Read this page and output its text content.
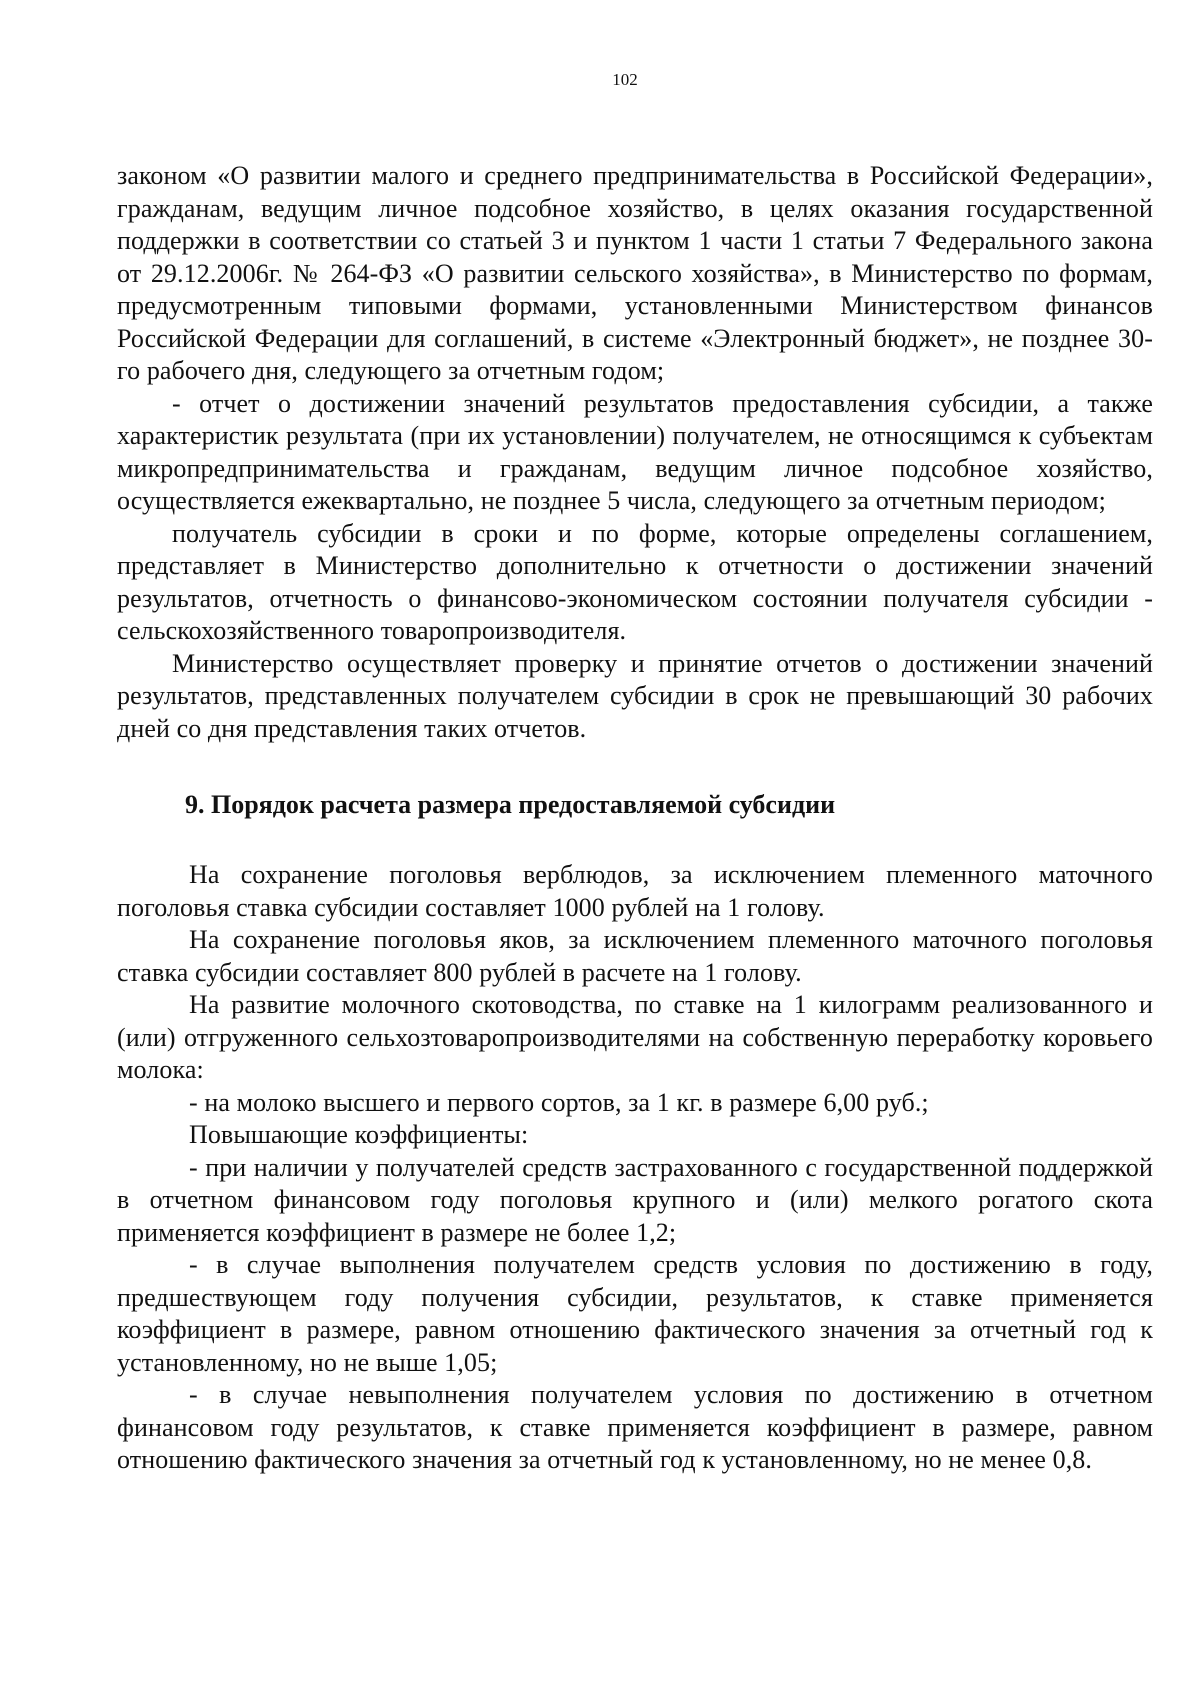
102

законом «О развитии малого и среднего предпринимательства в Российской Федерации», гражданам, ведущим личное подсобное хозяйство, в целях оказания государственной поддержки в соответствии со статьей 3 и пунктом 1 части 1 статьи 7 Федерального закона от 29.12.2006г. № 264-ФЗ «О развитии сельского хозяйства», в Министерство по формам, предусмотренным типовыми формами, установленными Министерством финансов Российской Федерации для соглашений, в системе «Электронный бюджет», не позднее 30-го рабочего дня, следующего за отчетным годом;

- отчет о достижении значений результатов предоставления субсидии, а также характеристик результата (при их установлении) получателем, не относящимся к субъектам микропредпринимательства и гражданам, ведущим личное подсобное хозяйство, осуществляется ежеквартально, не позднее 5 числа, следующего за отчетным периодом;

получатель субсидии в сроки и по форме, которые определены соглашением, представляет в Министерство дополнительно к отчетности о достижении значений результатов, отчетность о финансово-экономическом состоянии получателя субсидии - сельскохозяйственного товаропроизводителя.

Министерство осуществляет проверку и принятие отчетов о достижении значений результатов, представленных получателем субсидии в срок не превышающий 30 рабочих дней со дня представления таких отчетов.

9. Порядок расчета размера предоставляемой субсидии

На сохранение поголовья верблюдов, за исключением племенного маточного поголовья ставка субсидии составляет 1000 рублей на 1 голову.

На сохранение поголовья яков, за исключением племенного маточного поголовья ставка субсидии составляет 800 рублей в расчете на 1 голову.

На развитие молочного скотоводства, по ставке на 1 килограмм реализованного и (или) отгруженного сельхозтоваропроизводителями на собственную переработку коровьего молока:

- на молоко высшего и первого сортов, за 1 кг. в размере 6,00 руб.;

Повышающие коэффициенты:

- при наличии у получателей средств застрахованного с государственной поддержкой в отчетном финансовом году поголовья крупного и (или) мелкого рогатого скота применяется коэффициент в размере не более 1,2;

- в случае выполнения получателем средств условия по достижению в году, предшествующем году получения субсидии, результатов, к ставке применяется коэффициент в размере, равном отношению фактического значения за отчетный год к установленному, но не выше 1,05;

- в случае невыполнения получателем условия по достижению в отчетном финансовом году результатов, к ставке применяется коэффициент в размере, равном отношению фактического значения за отчетный год к установленному, но не менее 0,8.
